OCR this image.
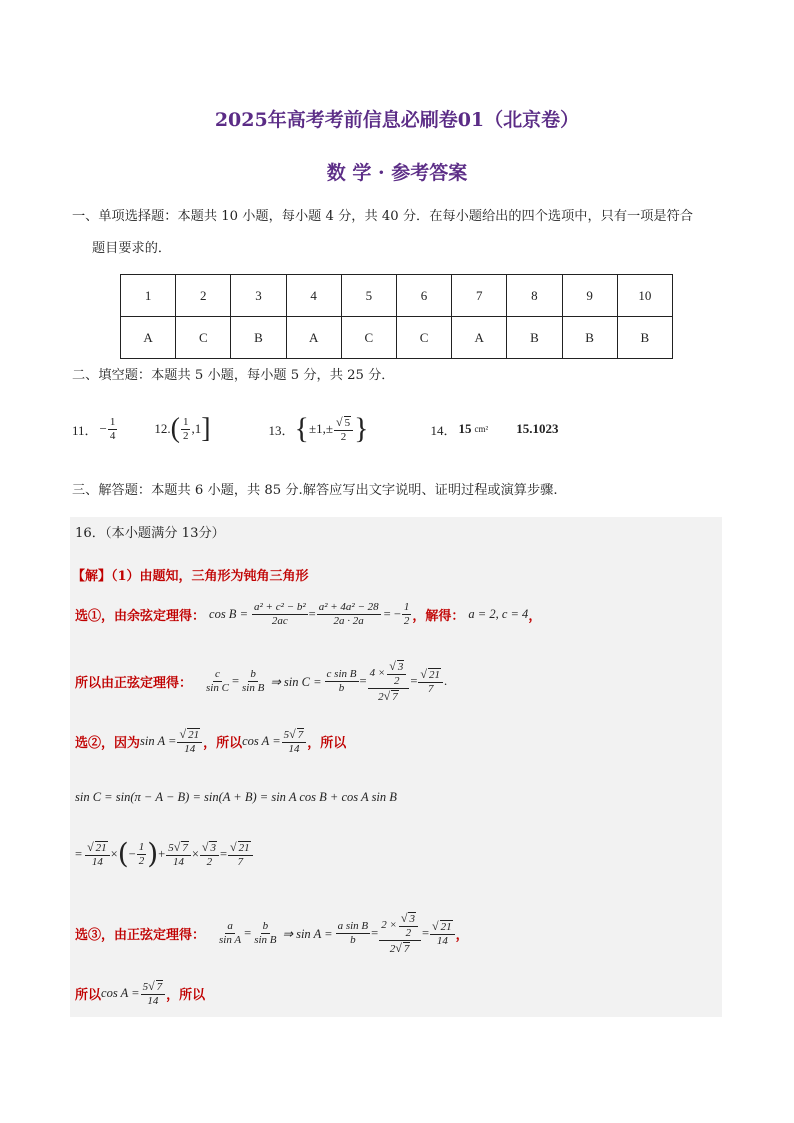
2025年高考考前信息必刷卷01（北京卷）
数 学 · 参考答案
一、单项选择题：本题共 10 小题，每小题 4 分，共 40 分．在每小题给出的四个选项中，只有一项是符合
题目要求的．
1	2	3	4	5	6	7	8	9	10
A	C	B	A	C	C	A	B	B	B
二、填空题：本题共 5 小题，每小题 5 分，共 25 分．
11． − $\frac{1}{4}$	12. ( $\frac{1}{2} ,1$ ]	13． { $\pm 1,\pm \frac{√ 5}{2}$ }	14． 15 cm² 15.1023
三、解答题：本题共 6 小题，共 85 分.解答应写出文字说明、证明过程或演算步骤.
16．（本小题满分 13分）
【解】（1）由题知，三角形为钝角三角形
选①，由余弦定理得： $\cos B = \frac{\text{a² + c² − b²}}{2ac} = \frac{\text{a² + 4a² − 28}}{2a \cdot 2a}$ = − $\frac{1}{2}$ ，解得： a = 2, c = 4 ，
所以由正弦定理得： $\frac{c}{\text{sin C}} = \frac{b}{\text{sin B}}$ ⇒ $\sin C = \frac{\text{c sin B}}{b} = \frac{4 \times \frac{√ 3}{2}}{2√ 7} = \frac{√ 21}{7}$ .
选②，因为 $\sin A = \frac{√ 21}{14}$ ，所以 $\cos A = \frac{5√ 7}{14}$ ，所以
sin C = sin(π − A − B) = sin(A + B) = sin A cos B + cos A sin B
= $\frac{√ 21}{14}$ × ( − $\frac{1}{2}$ ) + $\frac{5√ 7}{14} \times \frac{√ 3}{2} = \frac{√ 21}{7}$
选③，由正弦定理得： $\frac{a}{\text{sin A}} = \frac{b}{\text{sin B}}$ ⇒ $\sin A = \frac{\text{a sin B}}{b} = \frac{2 \times \frac{√ 3}{2}}{2√ 7} = \frac{√ 21}{14}$ ，
所以 $\cos A = \frac{5√ 7}{14}$ ，所以
